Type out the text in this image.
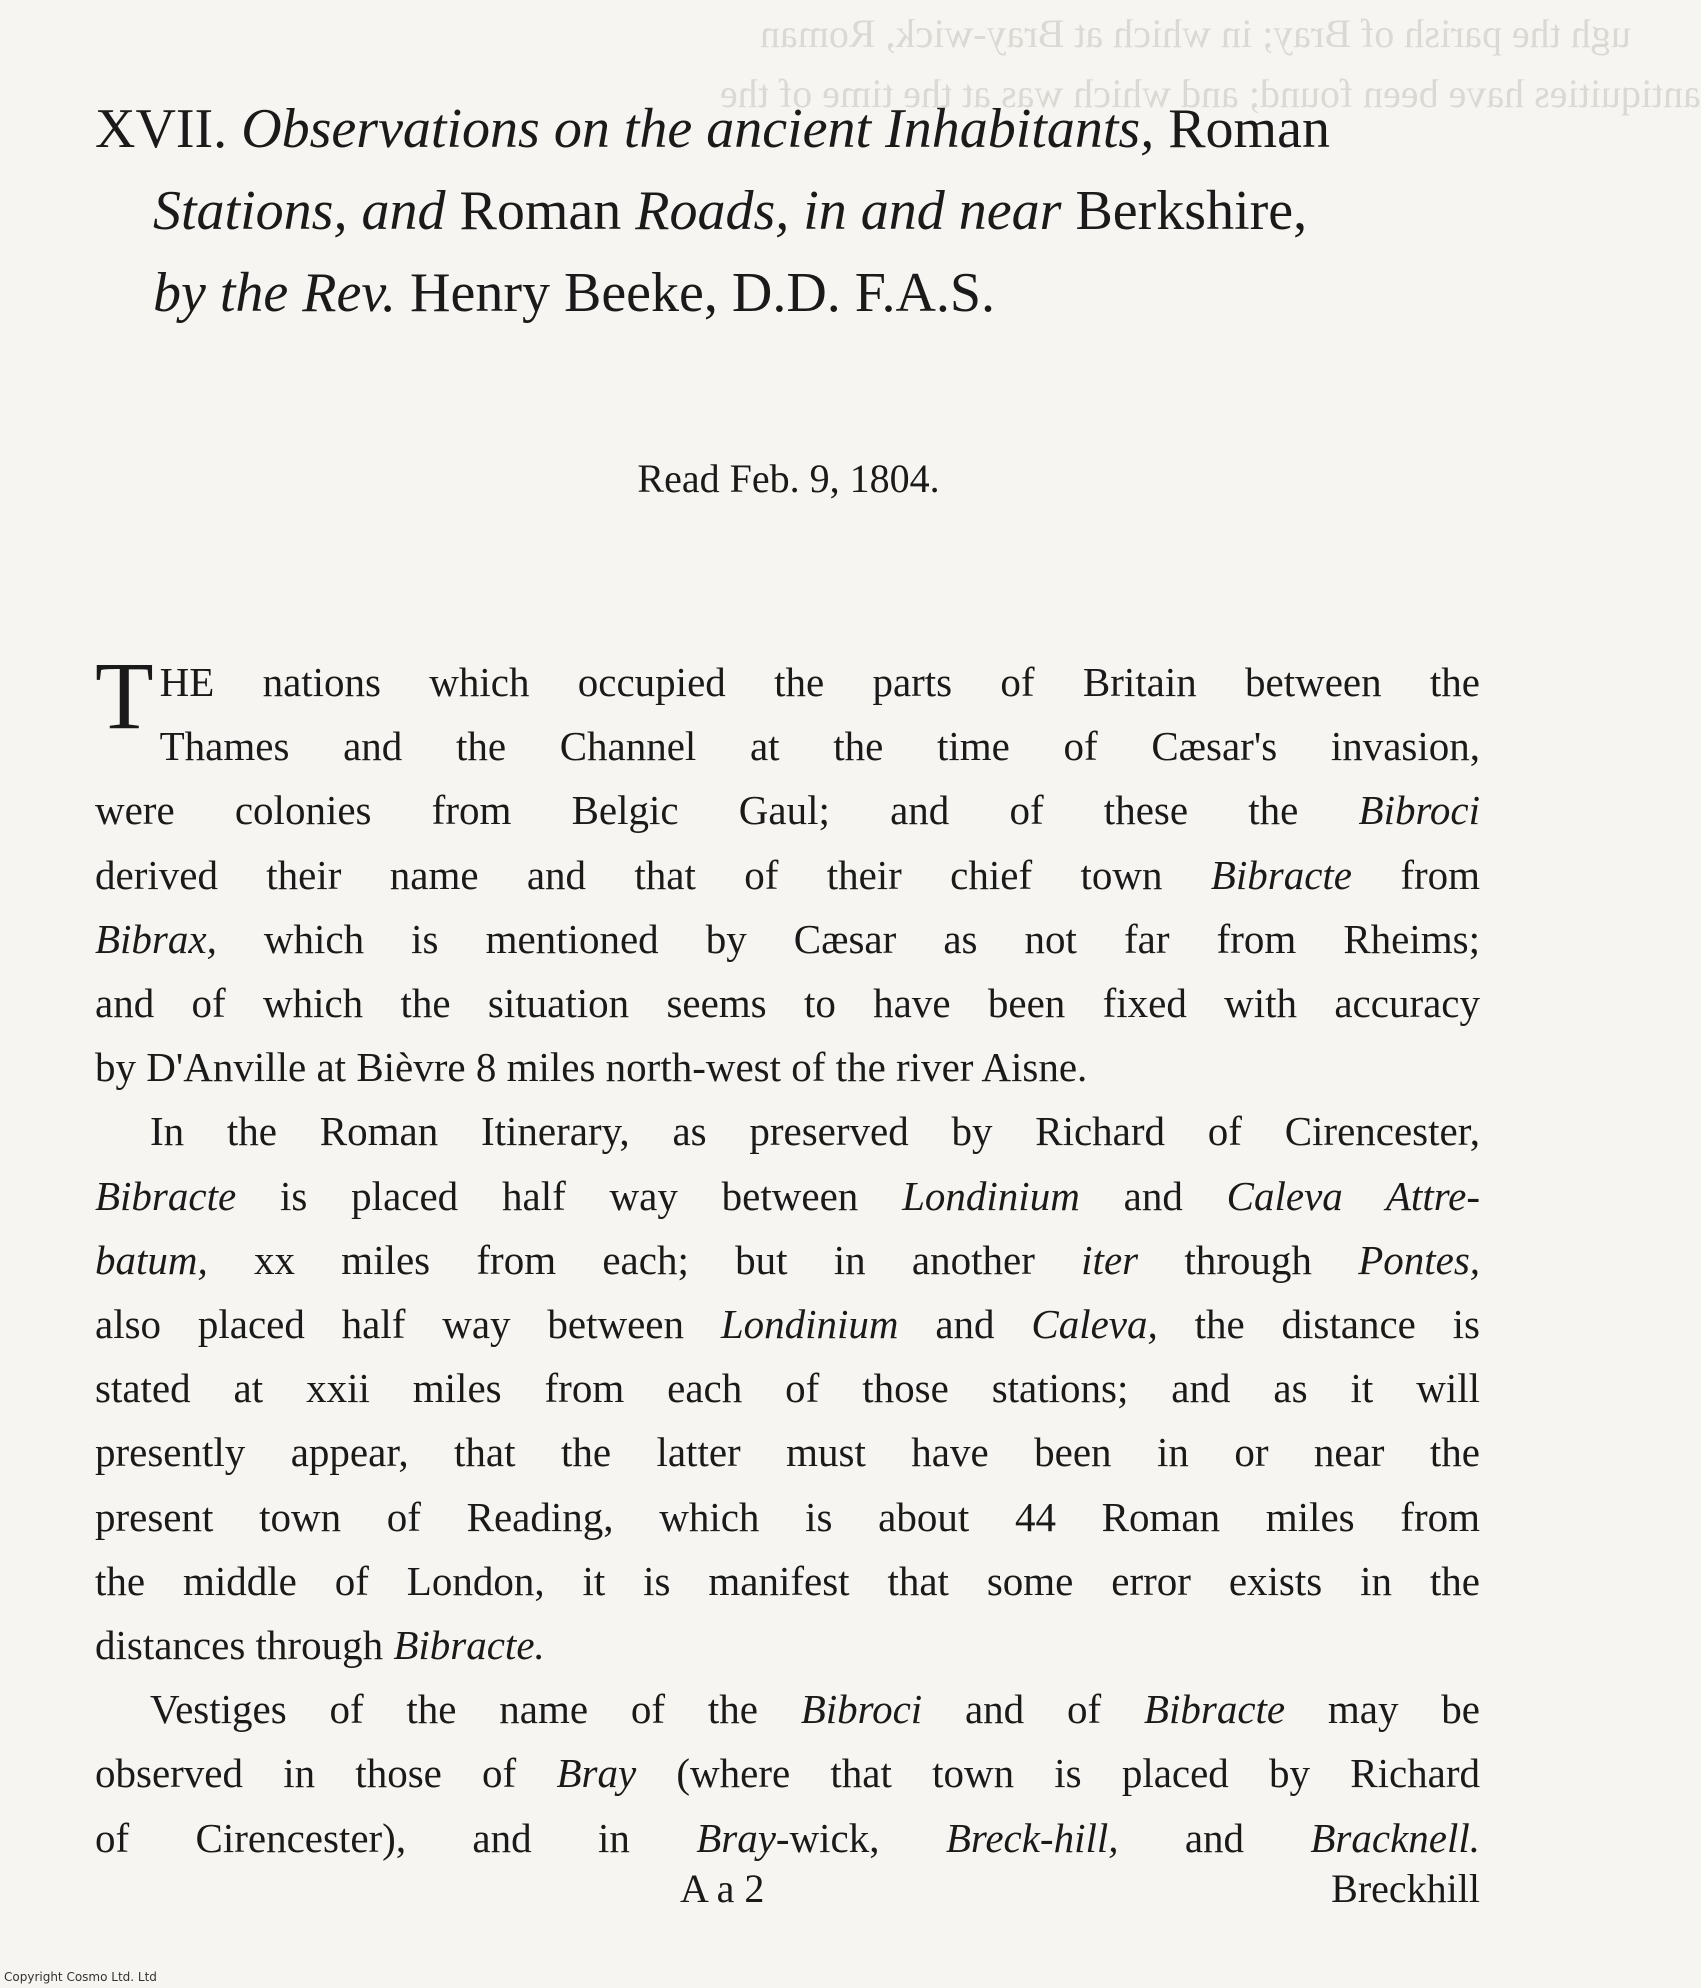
ugh the parish of Bray; in which at Bray-wick, Roman
antiquities have been found; and which was at the time of the
XVII. Observations on the ancient Inhabitants, Roman
Stations, and Roman Roads, in and near Berkshire,
by the Rev. Henry Beeke, D.D. F.A.S.
Read Feb. 9, 1804.
T HE nations which occupied the parts of Britain between the
Thames and the Channel at the time of Cæsar's invasion,
were colonies from Belgic Gaul; and of these the Bibroci
derived their name and that of their chief town Bibracte from
Bibrax, which is mentioned by Cæsar as not far from Rheims;
and of which the situation seems to have been fixed with accuracy
by D'Anville at Bièvre 8 miles north-west of the river Aisne.
In the Roman Itinerary, as preserved by Richard of Cirencester,
Bibracte is placed half way between Londinium and Caleva Attre-
batum, xx miles from each; but in another iter through Pontes,
also placed half way between Londinium and Caleva, the distance is
stated at xxii miles from each of those stations; and as it will
presently appear, that the latter must have been in or near the
present town of Reading, which is about 44 Roman miles from
the middle of London, it is manifest that some error exists in the
distances through Bibracte.
Vestiges of the name of the Bibroci and of Bibracte may be
observed in those of Bray (where that town is placed by Richard
of Cirencester), and in Bray-wick, Breck-hill, and Bracknell.
A a 2	Breckhill
Copyright Cosmo Ltd. Ltd
